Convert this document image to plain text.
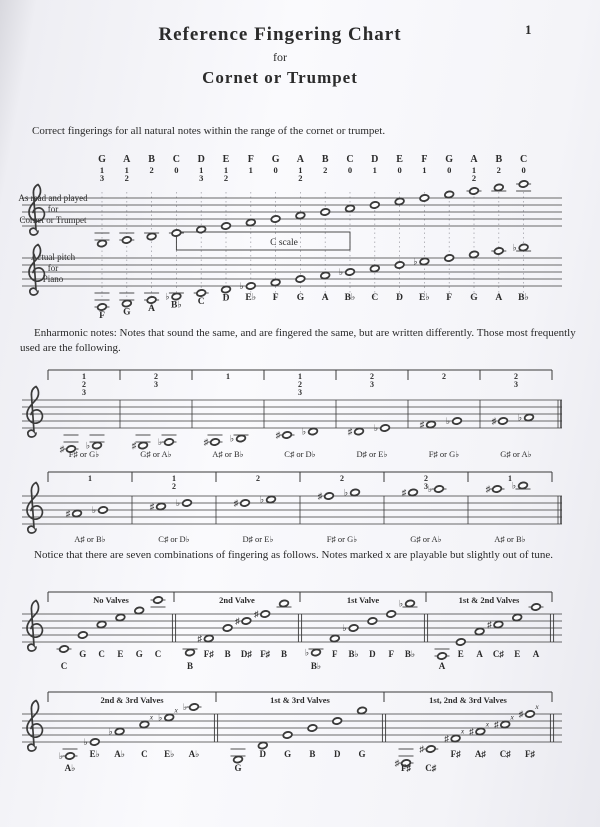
1
Reference Fingering Chart
for
Cornet or Trumpet
Correct fingerings for all natural notes within the range of the cornet or trumpet.
As read and played
for
Cornet or Trumpet
Actual pitch
for
Piano
C scale
G
1
3
F
A
1
2
G
B
2
A
C
0
♭
B♭
D
1
3
C
E
1
2
D
F
1
♭
E♭
G
0
F
A
1
2
G
B
2
A
C
0
♭
B♭
D
1
C
E
0
D
F
1
♭
E♭
G
0
F
A
1
2
G
B
2
A
C
0
♭
B♭
Enharmonic notes: Notes that sound the same, and are fingered the same, but are written differently. Those most frequently used are the following.
1
2
3
♯ ♭
F♯ or G♭
2
3
♯ ♭
G♯ or A♭
1
♯ ♭
A♯ or B♭
1
2
3
♯ ♭
C♯ or D♭
2
3
♯ ♭
D♯ or E♭
2
♯ ♭
F♯ or G♭
2
3
♯ ♭
G♯ or A♭
1
♯ ♭
A♯ or B♭
1
2
♯ ♭
C♯ or D♭
2
♯ ♭
D♯ or E♭
2
♯ ♭
F♯ or G♭
2
3
♯ ♭
G♯ or A♭
1
♯ ♭
A♯ or B♭
Notice that there are seven combinations of fingering as follows. Notes marked x are playable but slightly out of tune.
No Valves
C
G C E G C
2nd Valve
B
♯
F♯ B
♯
D♯
♯
F♯ B
1st Valve
♭
B♭
F
♭
B♭ D F
♭
B♭
1st & 2nd Valves
A
E A
♯
C♯ E A
2nd & 3rd Valves
♭
A♭
♭
E♭
♭
A♭
x
C
♭
x
E♭
♭
A♭
1st & 3rd Valves
G
D G B D G
1st, 2nd & 3rd Valves
♯ F♯
♯
C♯
♯
x
F♯
♯
x
A♯
♯
x
C♯
♯
x
F♯
